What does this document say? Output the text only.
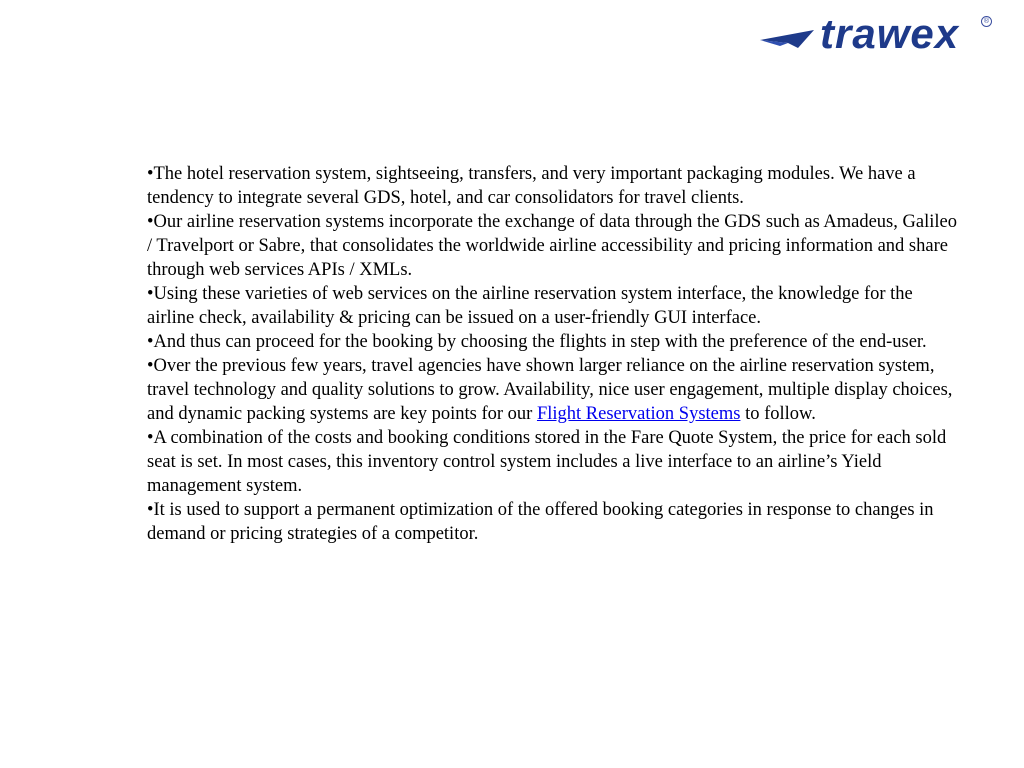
trawex	®

•The hotel reservation system, sightseeing, transfers, and very important packaging modules. We have a tendency to integrate several GDS, hotel, and car consolidators for travel clients.

•Our airline reservation systems incorporate the exchange of data through the GDS such as Amadeus, Galileo / Travelport or Sabre, that consolidates the worldwide airline accessibility and pricing information and share through web services APIs / XMLs.

•Using these varieties of web services on the airline reservation system interface, the knowledge for the airline check, availability & pricing can be issued on a user-friendly GUI interface.

•And thus can proceed for the booking by choosing the flights in step with the preference of the end-user.

•Over the previous few years, travel agencies have shown larger reliance on the airline reservation system, travel technology and quality solutions to grow. Availability, nice user engagement, multiple display choices, and dynamic packing systems are key points for our Flight Reservation Systems to follow.

•A combination of the costs and booking conditions stored in the Fare Quote System, the price for each sold seat is set. In most cases, this inventory control system includes a live interface to an airline’s Yield management system.

•It is used to support a permanent optimization of the offered booking categories in response to changes in demand or pricing strategies of a competitor.
